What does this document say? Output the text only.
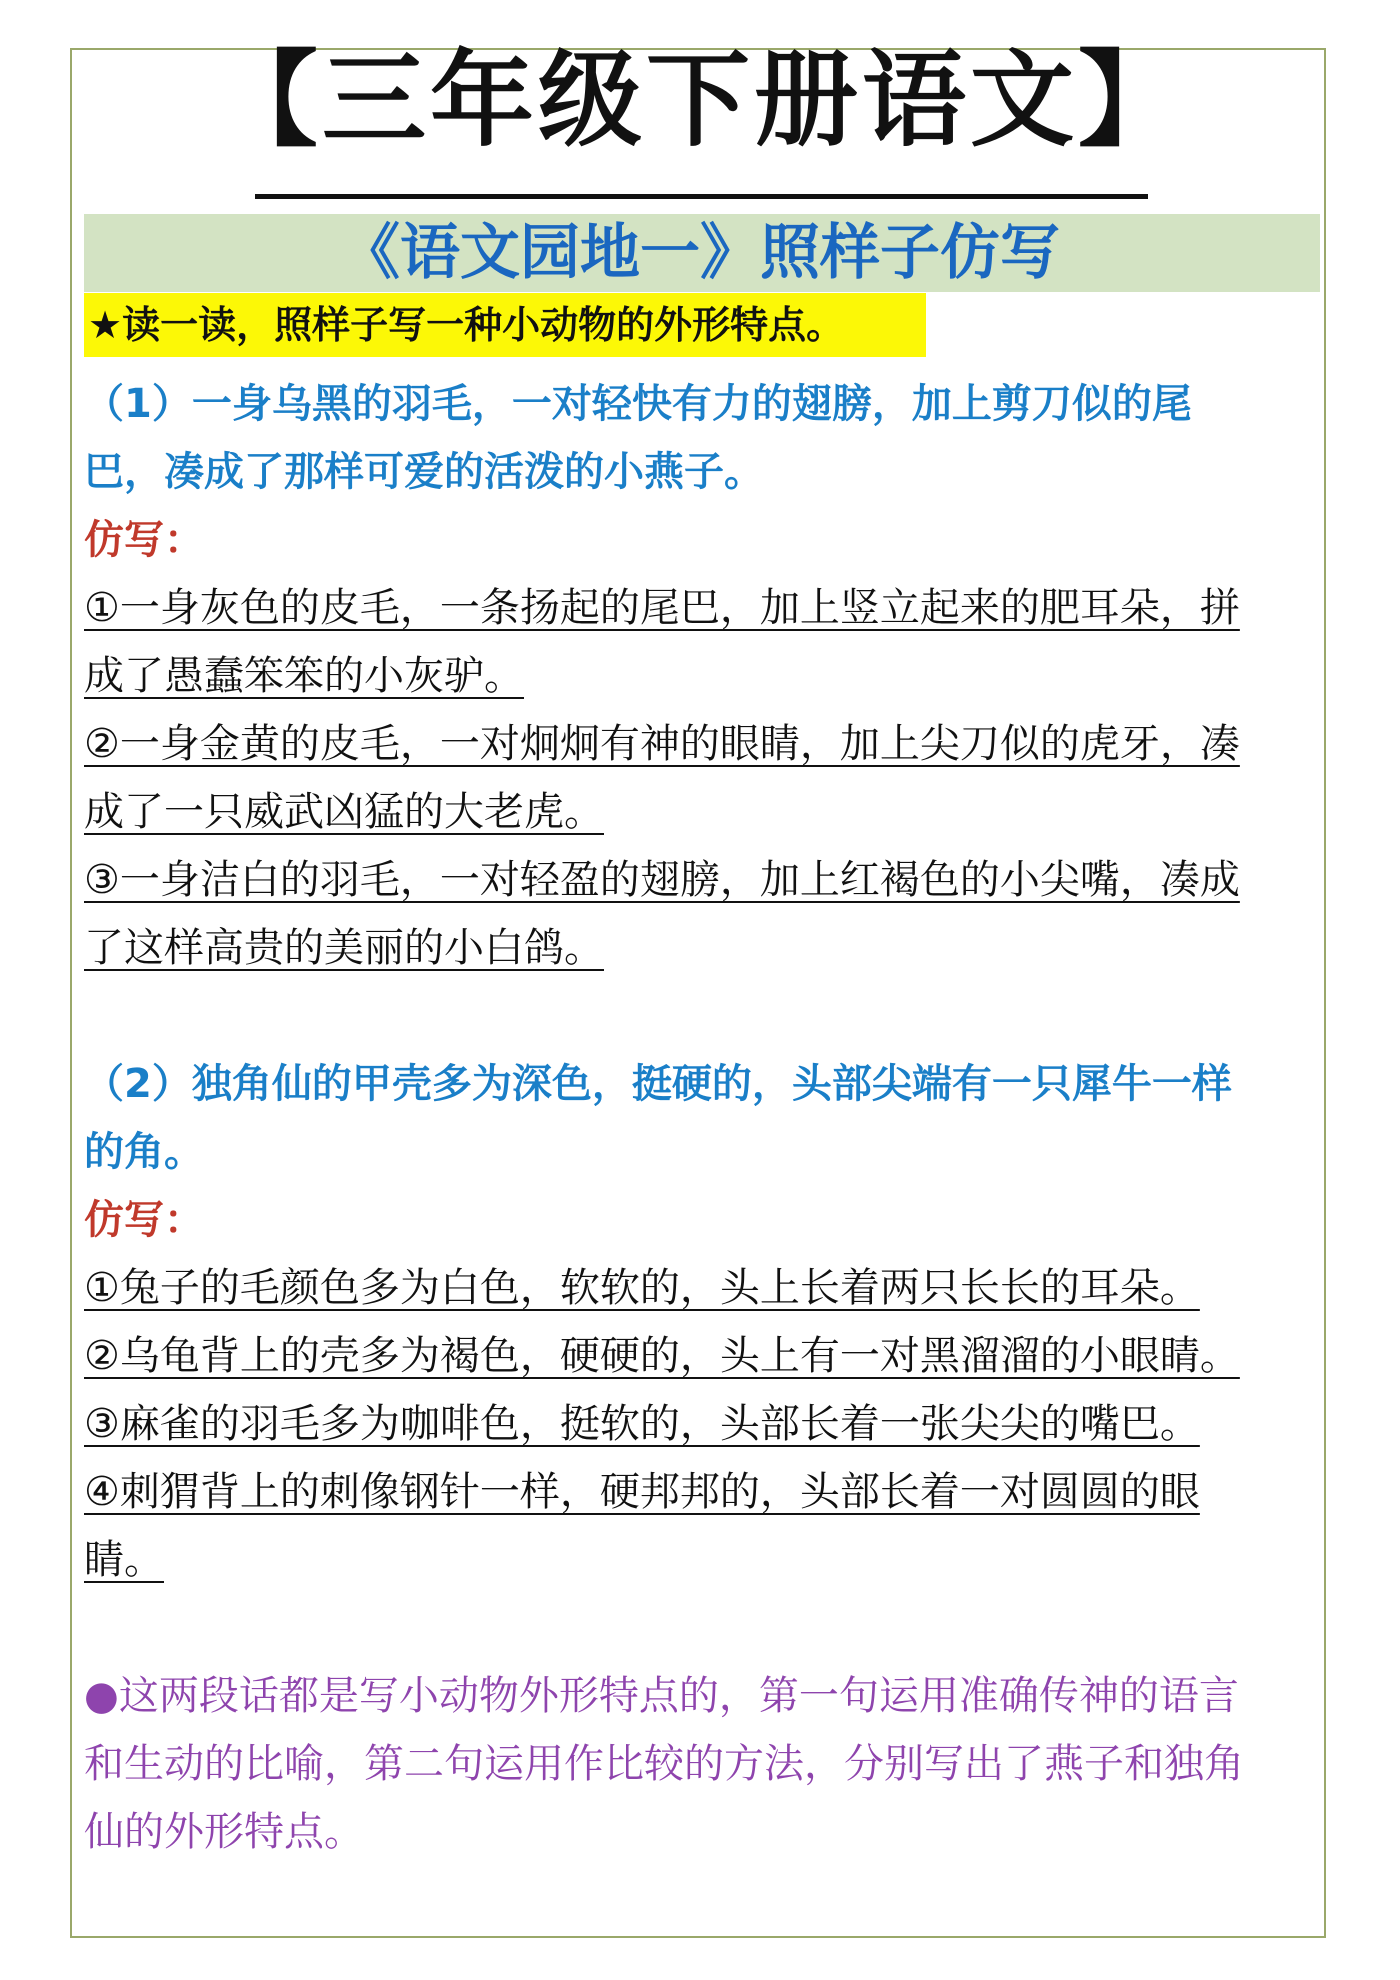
【三年级下册语文】
《语文园地一》照样子仿写
★读一读，照样子写一种小动物的外形特点。
（1）一身乌黑的羽毛，一对轻快有力的翅膀，加上剪刀似的尾
巴，凑成了那样可爱的活泼的小燕子。
仿写：
①一身灰色的皮毛，一条扬起的尾巴，加上竖立起来的肥耳朵，拼
成了愚蠢笨笨的小灰驴。
②一身金黄的皮毛，一对炯炯有神的眼睛，加上尖刀似的虎牙，凑
成了一只威武凶猛的大老虎。
③一身洁白的羽毛，一对轻盈的翅膀，加上红褐色的小尖嘴，凑成
了这样高贵的美丽的小白鸽。
（2）独角仙的甲壳多为深色，挺硬的，头部尖端有一只犀牛一样
的角。
仿写：
①兔子的毛颜色多为白色，软软的，头上长着两只长长的耳朵。
②乌龟背上的壳多为褐色，硬硬的，头上有一对黑溜溜的小眼睛。
③麻雀的羽毛多为咖啡色，挺软的，头部长着一张尖尖的嘴巴。
④刺猬背上的刺像钢针一样，硬邦邦的，头部长着一对圆圆的眼
睛。
●这两段话都是写小动物外形特点的，第一句运用准确传神的语言
和生动的比喻，第二句运用作比较的方法，分别写出了燕子和独角
仙的外形特点。
